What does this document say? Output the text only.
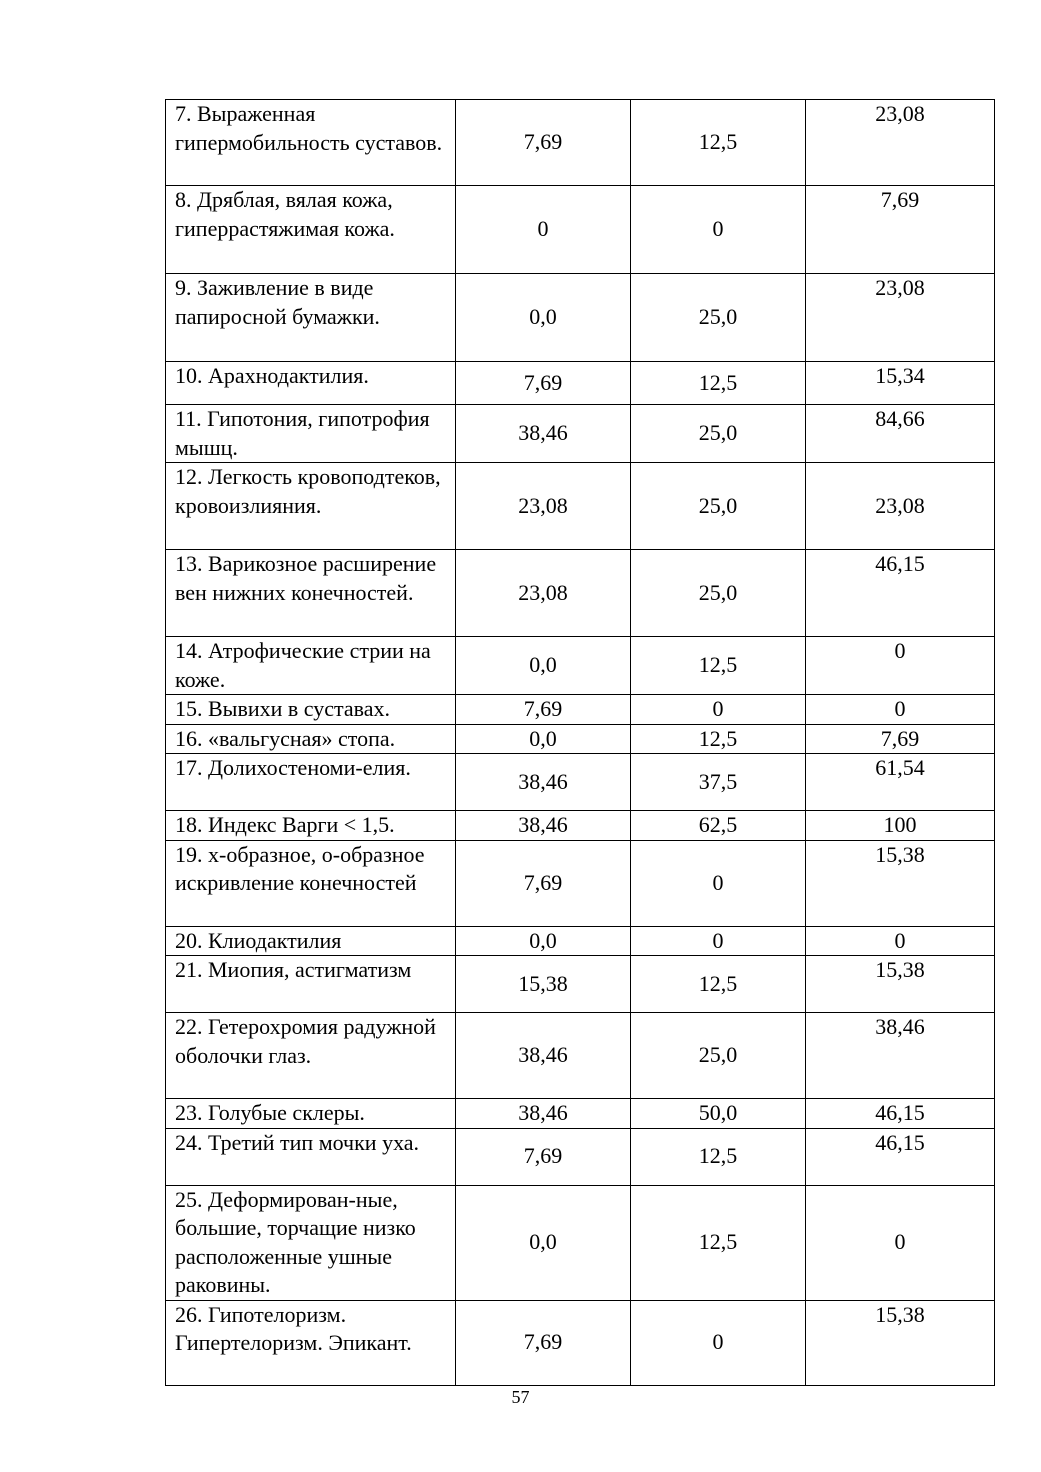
7. Выраженная гипермобильность суставов.	7,69	12,5	23,08
8. Дряблая, вялая кожа, гиперрастяжимая кожа.	0	0	7,69
9. Заживление в виде папиросной бумажки.	0,0	25,0	23,08
10. Арахнодактилия.	7,69	12,5	15,34
11. Гипотония, гипотрофия мышц.	38,46	25,0	84,66
12. Легкость кровоподтеков, кровоизлияния.	23,08	25,0	23,08
13. Варикозное расширение вен нижних конечностей.	23,08	25,0	46,15
14. Атрофические стрии на коже.	0,0	12,5	0
15. Вывихи в суставах.	7,69	0	0
16. «вальгусная» стопа.	0,0	12,5	7,69
17. Долихостеноми-елия.	38,46	37,5	61,54
18. Индекс Варги < 1,5.	38,46	62,5	100
19. х-образное, о-образное искривление конечностей	7,69	0	15,38
20. Клиодактилия	0,0	0	0
21. Миопия, астигматизм	15,38	12,5	15,38
22. Гетерохромия радужной оболочки глаз.	38,46	25,0	38,46
23. Голубые склеры.	38,46	50,0	46,15
24. Третий тип мочки уха.	7,69	12,5	46,15
25. Деформирован-ные, большие, торчащие низко расположенные ушные раковины.	0,0	12,5	0
26. Гипотелоризм. Гипертелоризм. Эпикант.	7,69	0	15,38
57
